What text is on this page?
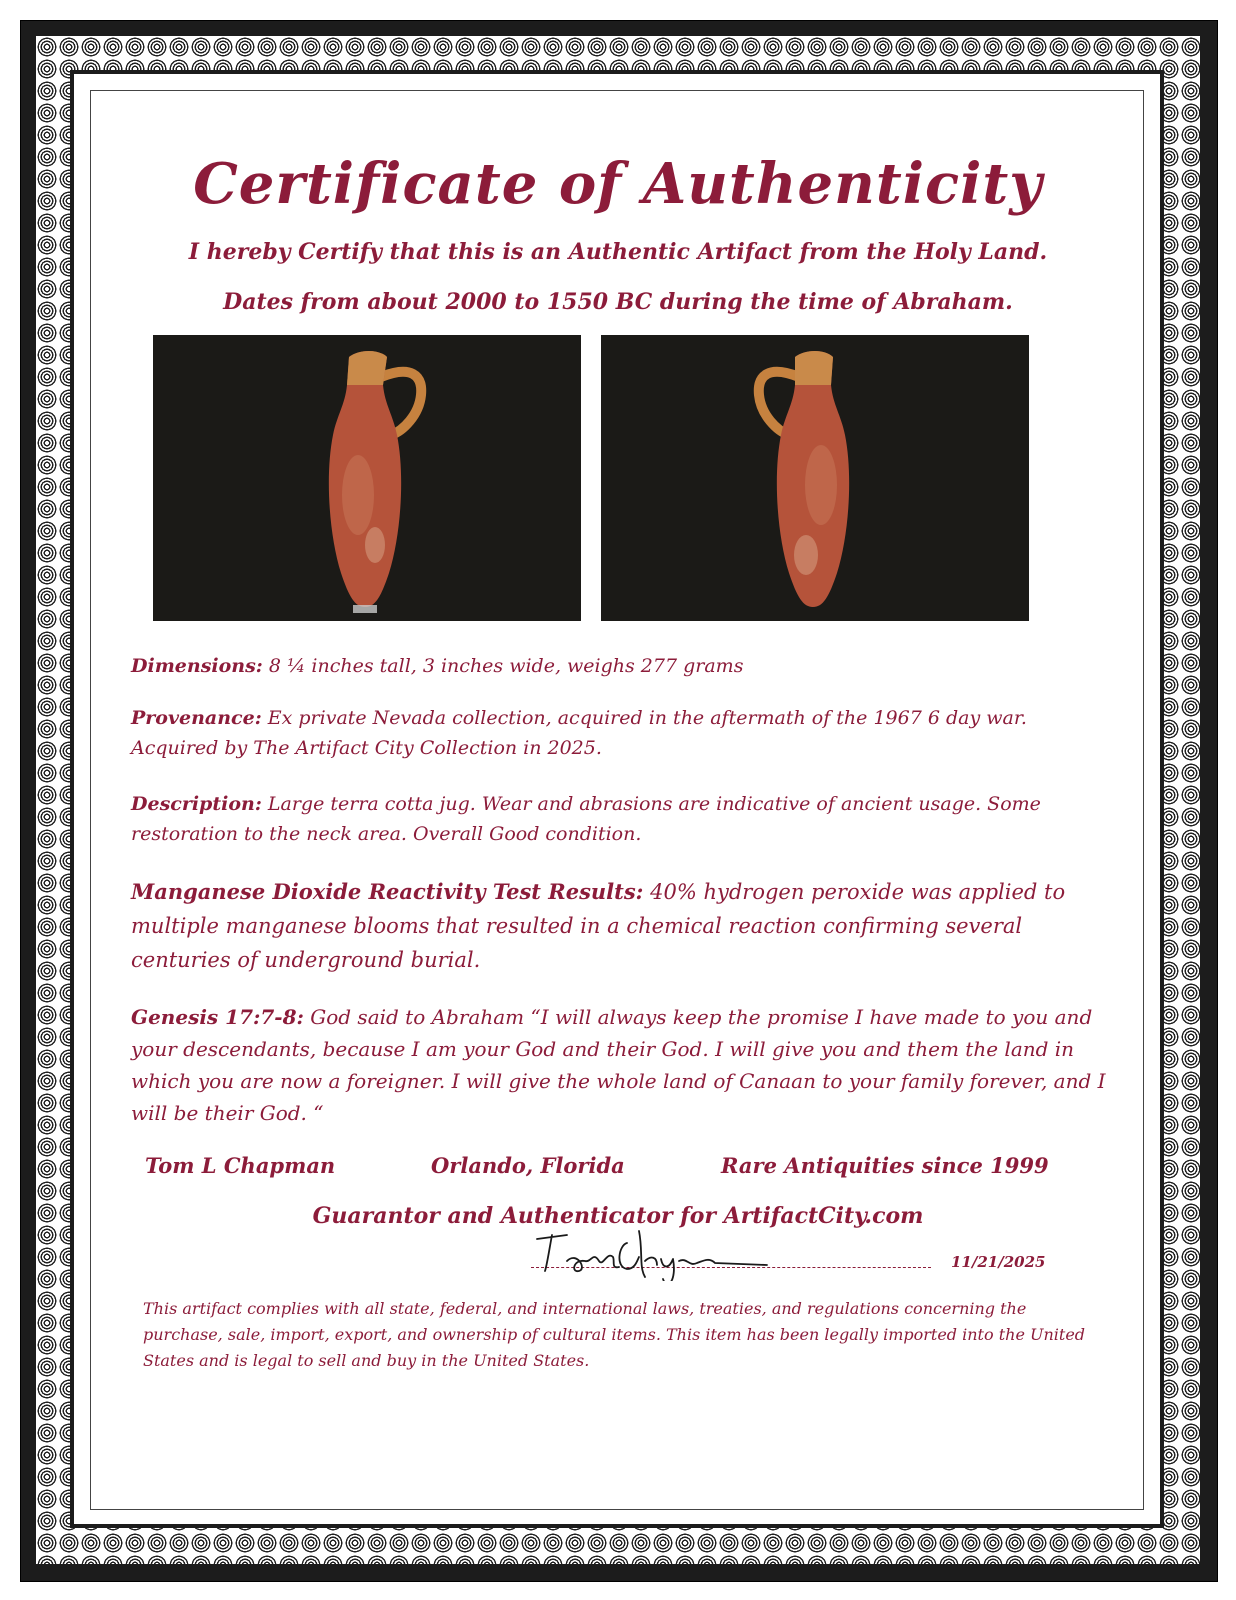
Certificate of Authenticity
I hereby Certify that this is an Authentic Artifact from the Holy Land.
Dates from about 2000 to 1550 BC during the time of Abraham.
Dimensions: 8 ¼ inches tall, 3 inches wide, weighs 277 grams
Provenance: Ex private Nevada collection, acquired in the aftermath of the 1967 6 day war. Acquired by The Artifact City Collection in 2025.
Description: Large terra cotta jug. Wear and abrasions are indicative of ancient usage. Some restoration to the neck area. Overall Good condition.
Manganese Dioxide Reactivity Test Results: 40% hydrogen peroxide was applied to multiple manganese blooms that resulted in a chemical reaction confirming several centuries of underground burial.
Genesis 17:7-8: God said to Abraham “I will always keep the promise I have made to you and your descendants, because I am your God and their God. I will give you and them the land in which you are now a foreigner. I will give the whole land of Canaan to your family forever, and I will be their God. “
Tom L Chapman	Orlando, Florida	Rare Antiquities since 1999
Guarantor and Authenticator for ArtifactCity.com
11/21/2025
This artifact complies with all state, federal, and international laws, treaties, and regulations concerning the purchase, sale, import, export, and ownership of cultural items. This item has been legally imported into the United States and is legal to sell and buy in the United States.
